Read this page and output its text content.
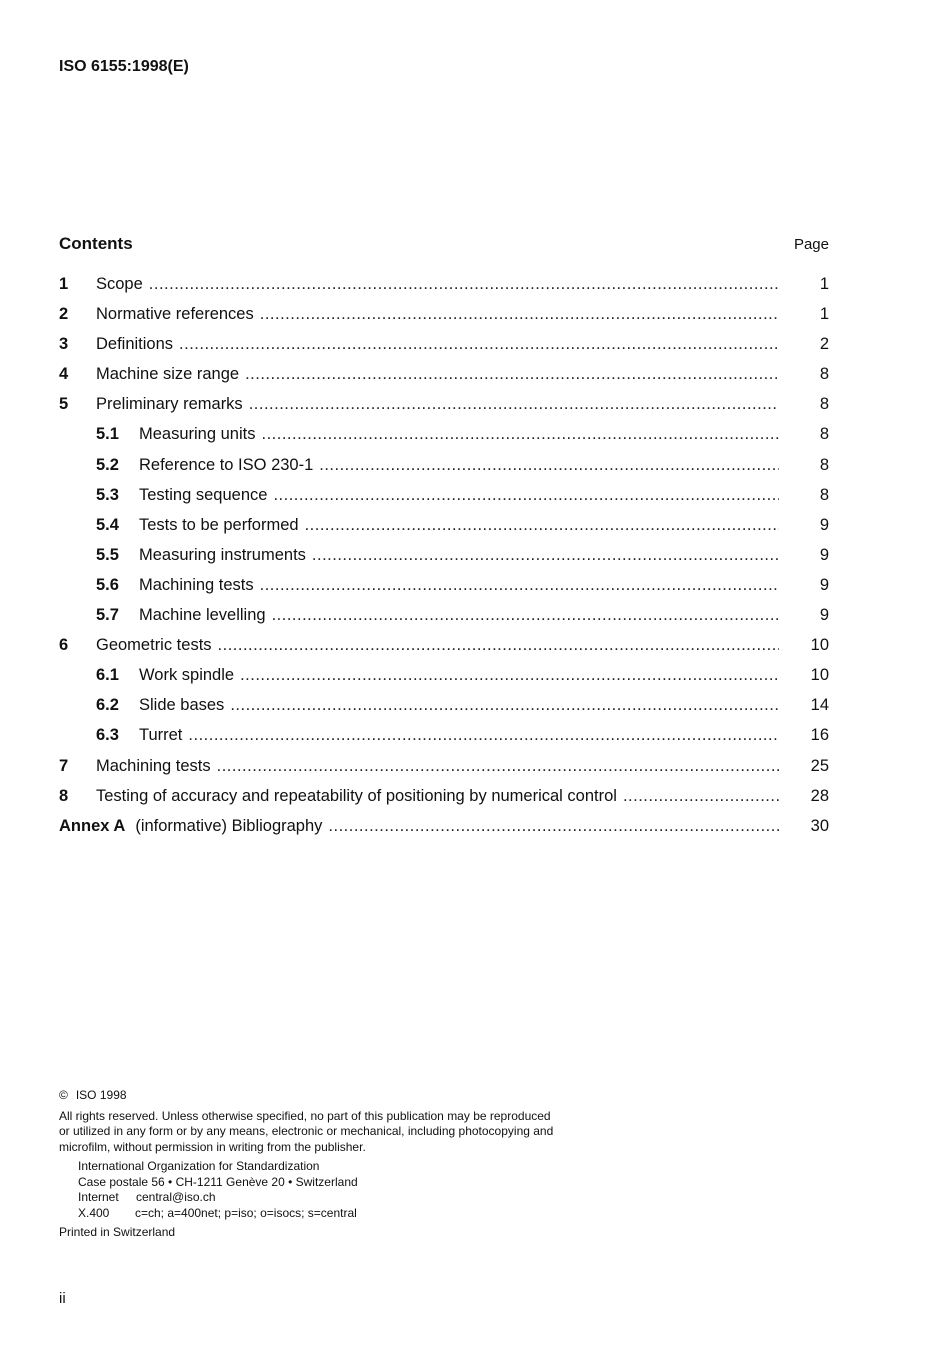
ISO 6155:1998(E)
Contents	Page
1 Scope .....	1
2 Normative references .....	1
3 Definitions .....	2
4 Machine size range .....	8
5 Preliminary remarks .....	8
5.1 Measuring units .....	8
5.2 Reference to ISO 230-1 .....	8
5.3 Testing sequence .....	8
5.4 Tests to be performed .....	9
5.5 Measuring instruments .....	9
5.6 Machining tests .....	9
5.7 Machine levelling .....	9
6 Geometric tests .....	10
6.1 Work spindle .....	10
6.2 Slide bases .....	14
6.3 Turret .....	16
7 Machining tests .....	25
8 Testing of accuracy and repeatability of positioning by numerical control .....	28
Annex A (informative) Bibliography .....	30
© ISO 1998
All rights reserved. Unless otherwise specified, no part of this publication may be reproduced
or utilized in any form or by any means, electronic or mechanical, including photocopying and
microfilm, without permission in writing from the publisher.
International Organization for Standardization
Case postale 56 • CH-1211 Genève 20 • Switzerland
Internet central@iso.ch
X.400 c=ch; a=400net; p=iso; o=isocs; s=central
Printed in Switzerland
ii
